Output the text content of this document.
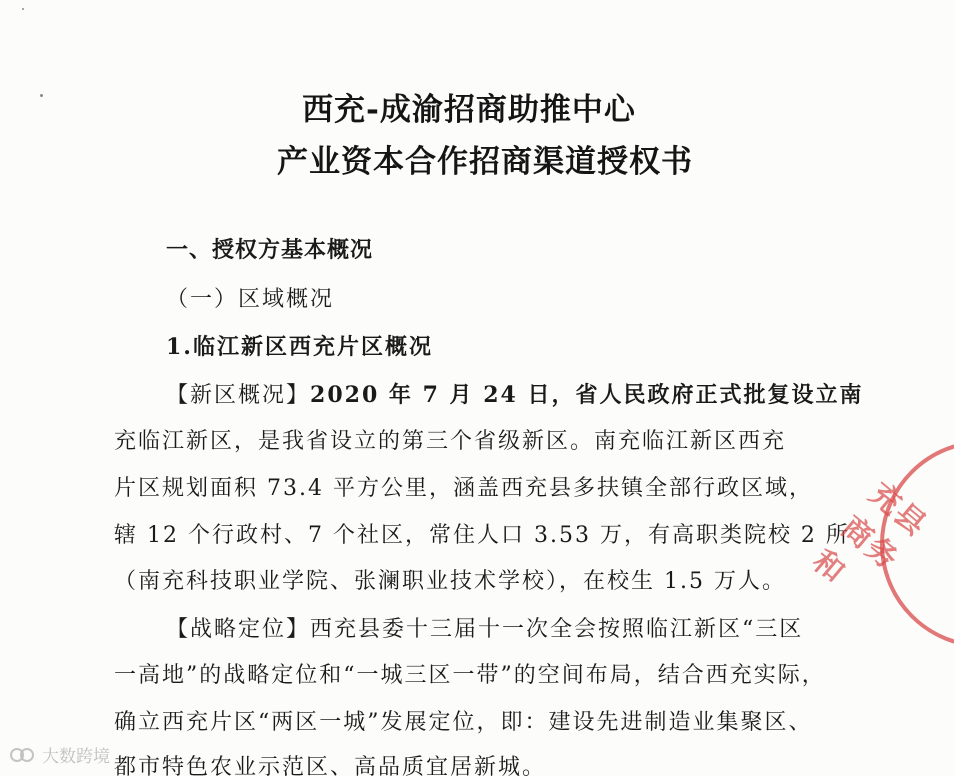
西充-成渝招商助推中心
产业资本合作招商渠道授权书
一、授权方基本概况
（一）区域概况
1.临江新区西充片区概况
【新区概况】2020 年 7 月 24 日，省人民政府正式批复设立南
充临江新区，是我省设立的第三个省级新区。南充临江新区西充
片区规划面积 73.4 平方公里，涵盖西充县多扶镇全部行政区域，
辖 12 个行政村、7 个社区，常住人口 3.53 万，有高职类院校 2 所
（南充科技职业学院、张澜职业技术学校），在校生 1.5 万人。
【战略定位】西充县委十三届十一次全会按照临江新区“三区
一高地”的战略定位和“一城三区一带”的空间布局，结合西充实际，
确立西充片区“两区一城”发展定位，即：建设先进制造业集聚区、
都市特色农业示范区、高品质宜居新城。
充县商务和
大数跨境
